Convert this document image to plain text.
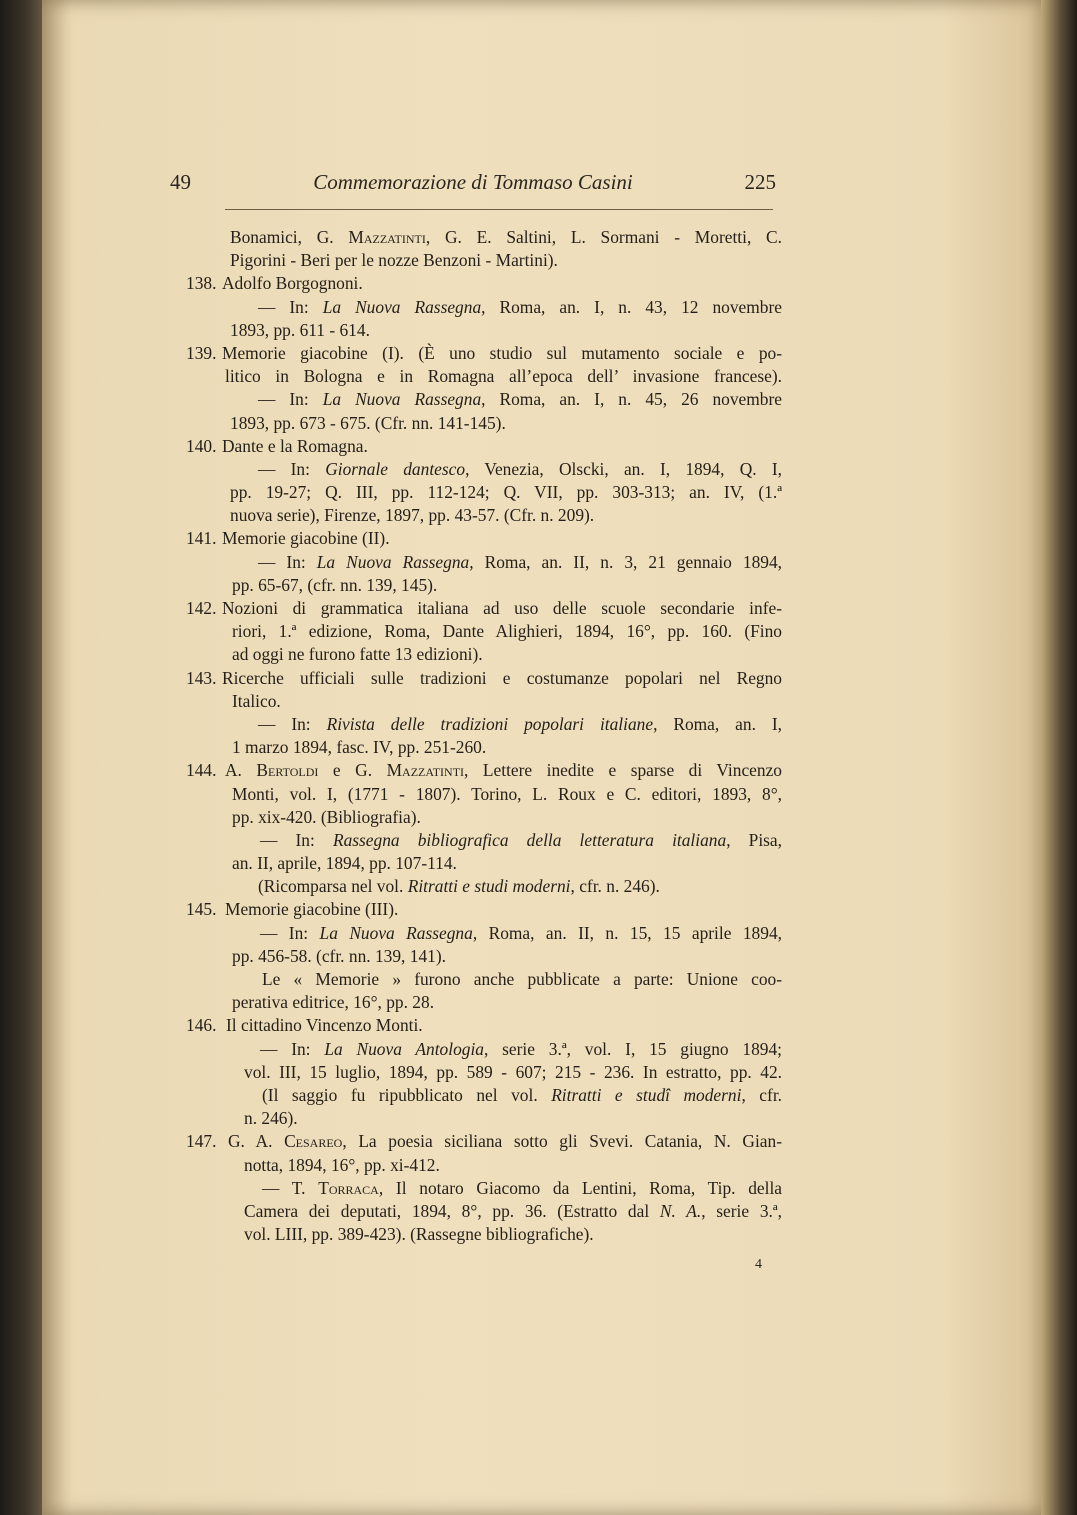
49	Commemorazione di Tommaso Casini	225
Bonamici, G. Mazzatinti, G. E. Saltini, L. Sormani - Moretti, C.
Pigorini - Beri per le nozze Benzoni - Martini).
138. Adolfo Borgognoni.
— In: La Nuova Rassegna, Roma, an. I, n. 43, 12 novembre
1893, pp. 611 - 614.
139. Memorie giacobine (I). (È uno studio sul mutamento sociale e po-
litico in Bologna e in Romagna all’epoca dell’ invasione francese).
— In: La Nuova Rassegna, Roma, an. I, n. 45, 26 novembre
1893, pp. 673 - 675. (Cfr. nn. 141-145).
140. Dante e la Romagna.
— In: Giornale dantesco, Venezia, Olscki, an. I, 1894, Q. I,
pp. 19-27; Q. III, pp. 112-124; Q. VII, pp. 303-313; an. IV, (1.ª
nuova serie), Firenze, 1897, pp. 43-57. (Cfr. n. 209).
141. Memorie giacobine (II).
— In: La Nuova Rassegna, Roma, an. II, n. 3, 21 gennaio 1894,
pp. 65-67, (cfr. nn. 139, 145).
142. Nozioni di grammatica italiana ad uso delle scuole secondarie infe-
riori, 1.ª edizione, Roma, Dante Alighieri, 1894, 16°, pp. 160. (Fino
ad oggi ne furono fatte 13 edizioni).
143. Ricerche ufficiali sulle tradizioni e costumanze popolari nel Regno
Italico.
— In: Rivista delle tradizioni popolari italiane, Roma, an. I,
1 marzo 1894, fasc. IV, pp. 251-260.
144. A. Bertoldi e G. Mazzatinti, Lettere inedite e sparse di Vincenzo
Monti, vol. I, (1771 - 1807). Torino, L. Roux e C. editori, 1893, 8°,
pp. xix-420. (Bibliografia).
— In: Rassegna bibliografica della letteratura italiana, Pisa,
an. II, aprile, 1894, pp. 107-114.
(Ricomparsa nel vol. Ritratti e studi moderni, cfr. n. 246).
145. Memorie giacobine (III).
— In: La Nuova Rassegna, Roma, an. II, n. 15, 15 aprile 1894,
pp. 456-58. (cfr. nn. 139, 141).
Le « Memorie » furono anche pubblicate a parte: Unione coo-
perativa editrice, 16°, pp. 28.
146. Il cittadino Vincenzo Monti.
— In: La Nuova Antologia, serie 3.ª, vol. I, 15 giugno 1894;
vol. III, 15 luglio, 1894, pp. 589 - 607; 215 - 236. In estratto, pp. 42.
(Il saggio fu ripubblicato nel vol. Ritratti e studî moderni, cfr.
n. 246).
147. G. A. Cesareo, La poesia siciliana sotto gli Svevi. Catania, N. Gian-
notta, 1894, 16°, pp. xi-412.
— T. Torraca, Il notaro Giacomo da Lentini, Roma, Tip. della
Camera dei deputati, 1894, 8°, pp. 36. (Estratto dal N. A., serie 3.ª,
vol. LIII, pp. 389-423). (Rassegne bibliografiche).
4
